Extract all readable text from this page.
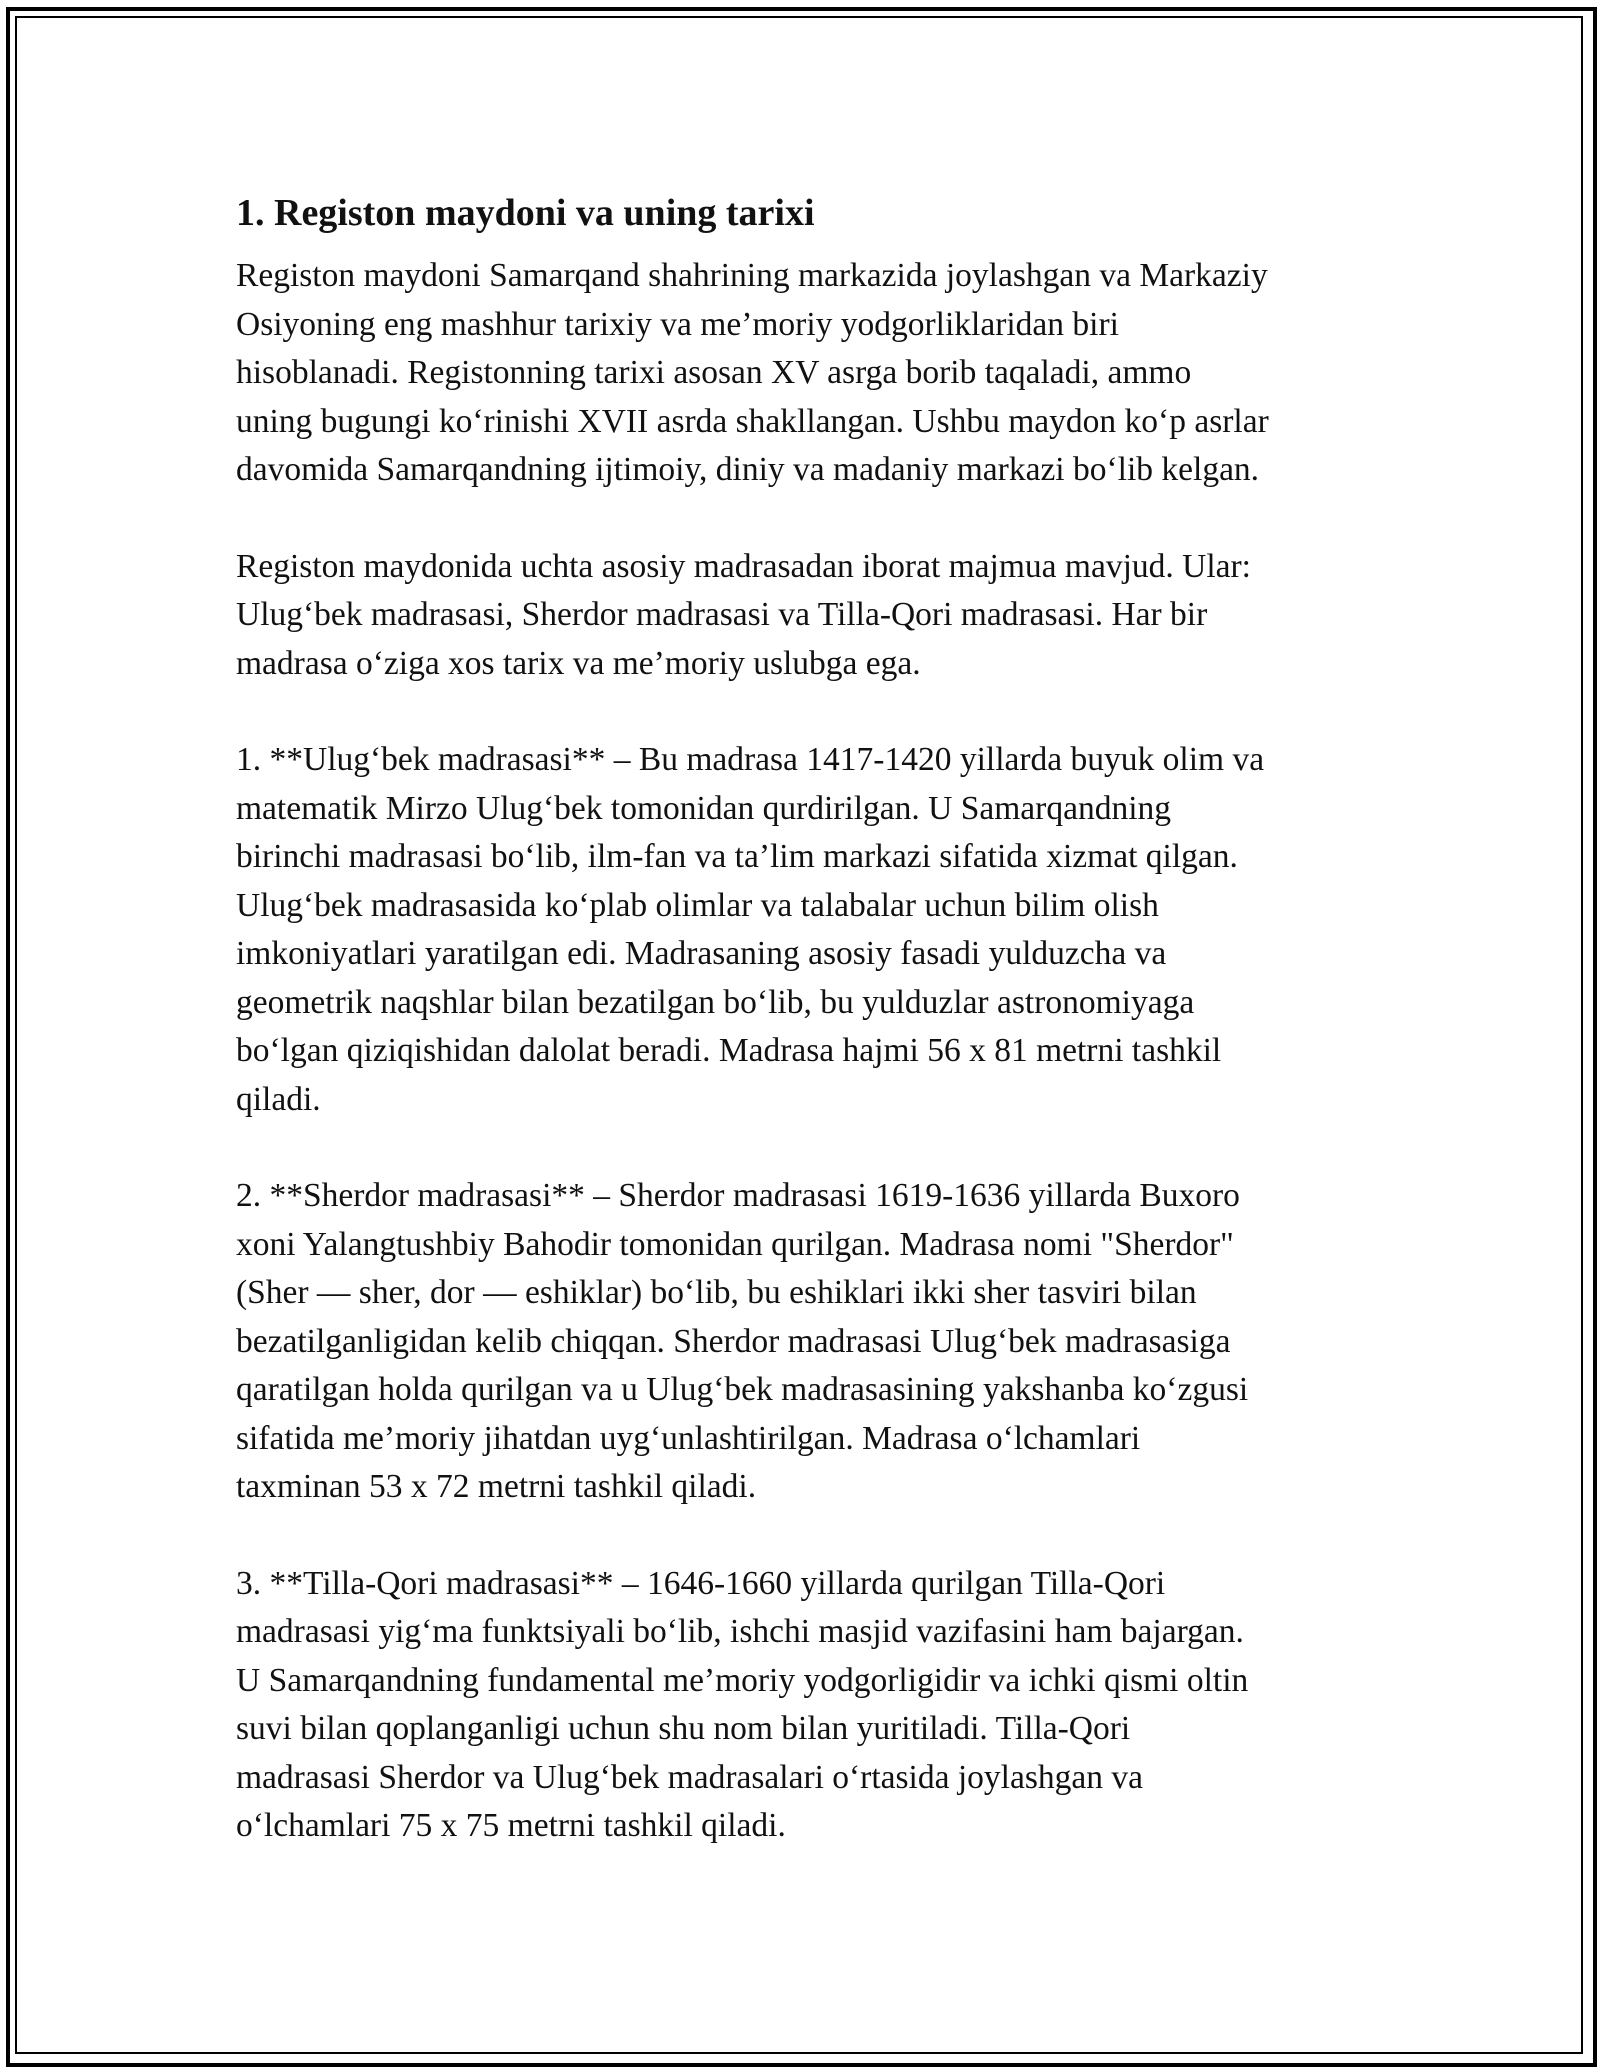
1. Registon maydoni va uning tarixi

Registon maydoni Samarqand shahrining markazida joylashgan va Markaziy
Osiyoning eng mashhur tarixiy va me’moriy yodgorliklaridan biri
hisoblanadi. Registonning tarixi asosan XV asrga borib taqaladi, ammo
uning bugungi ko‘rinishi XVII asrda shakllangan. Ushbu maydon ko‘p asrlar
davomida Samarqandning ijtimoiy, diniy va madaniy markazi bo‘lib kelgan.

Registon maydonida uchta asosiy madrasadan iborat majmua mavjud. Ular:
Ulug‘bek madrasasi, Sherdor madrasasi va Tilla-Qori madrasasi. Har bir
madrasa o‘ziga xos tarix va me’moriy uslubga ega.

1. **Ulug‘bek madrasasi** – Bu madrasa 1417-1420 yillarda buyuk olim va
matematik Mirzo Ulug‘bek tomonidan qurdirilgan. U Samarqandning
birinchi madrasasi bo‘lib, ilm-fan va ta’lim markazi sifatida xizmat qilgan.
Ulug‘bek madrasasida ko‘plab olimlar va talabalar uchun bilim olish
imkoniyatlari yaratilgan edi. Madrasaning asosiy fasadi yulduzcha va
geometrik naqshlar bilan bezatilgan bo‘lib, bu yulduzlar astronomiyaga
bo‘lgan qiziqishidan dalolat beradi. Madrasa hajmi 56 x 81 metrni tashkil
qiladi.

2. **Sherdor madrasasi** – Sherdor madrasasi 1619-1636 yillarda Buxoro
xoni Yalangtushbiy Bahodir tomonidan qurilgan. Madrasa nomi "Sherdor"
(Sher — sher, dor — eshiklar) bo‘lib, bu eshiklari ikki sher tasviri bilan
bezatilganligidan kelib chiqqan. Sherdor madrasasi Ulug‘bek madrasasiga
qaratilgan holda qurilgan va u Ulug‘bek madrasasining yakshanba ko‘zgusi
sifatida me’moriy jihatdan uyg‘unlashtirilgan. Madrasa o‘lchamlari
taxminan 53 x 72 metrni tashkil qiladi.

3. **Tilla-Qori madrasasi** – 1646-1660 yillarda qurilgan Tilla-Qori
madrasasi yig‘ma funktsiyali bo‘lib, ishchi masjid vazifasini ham bajargan.
U Samarqandning fundamental me’moriy yodgorligidir va ichki qismi oltin
suvi bilan qoplanganligi uchun shu nom bilan yuritiladi. Tilla-Qori
madrasasi Sherdor va Ulug‘bek madrasalari o‘rtasida joylashgan va
o‘lchamlari 75 x 75 metrni tashkil qiladi.
